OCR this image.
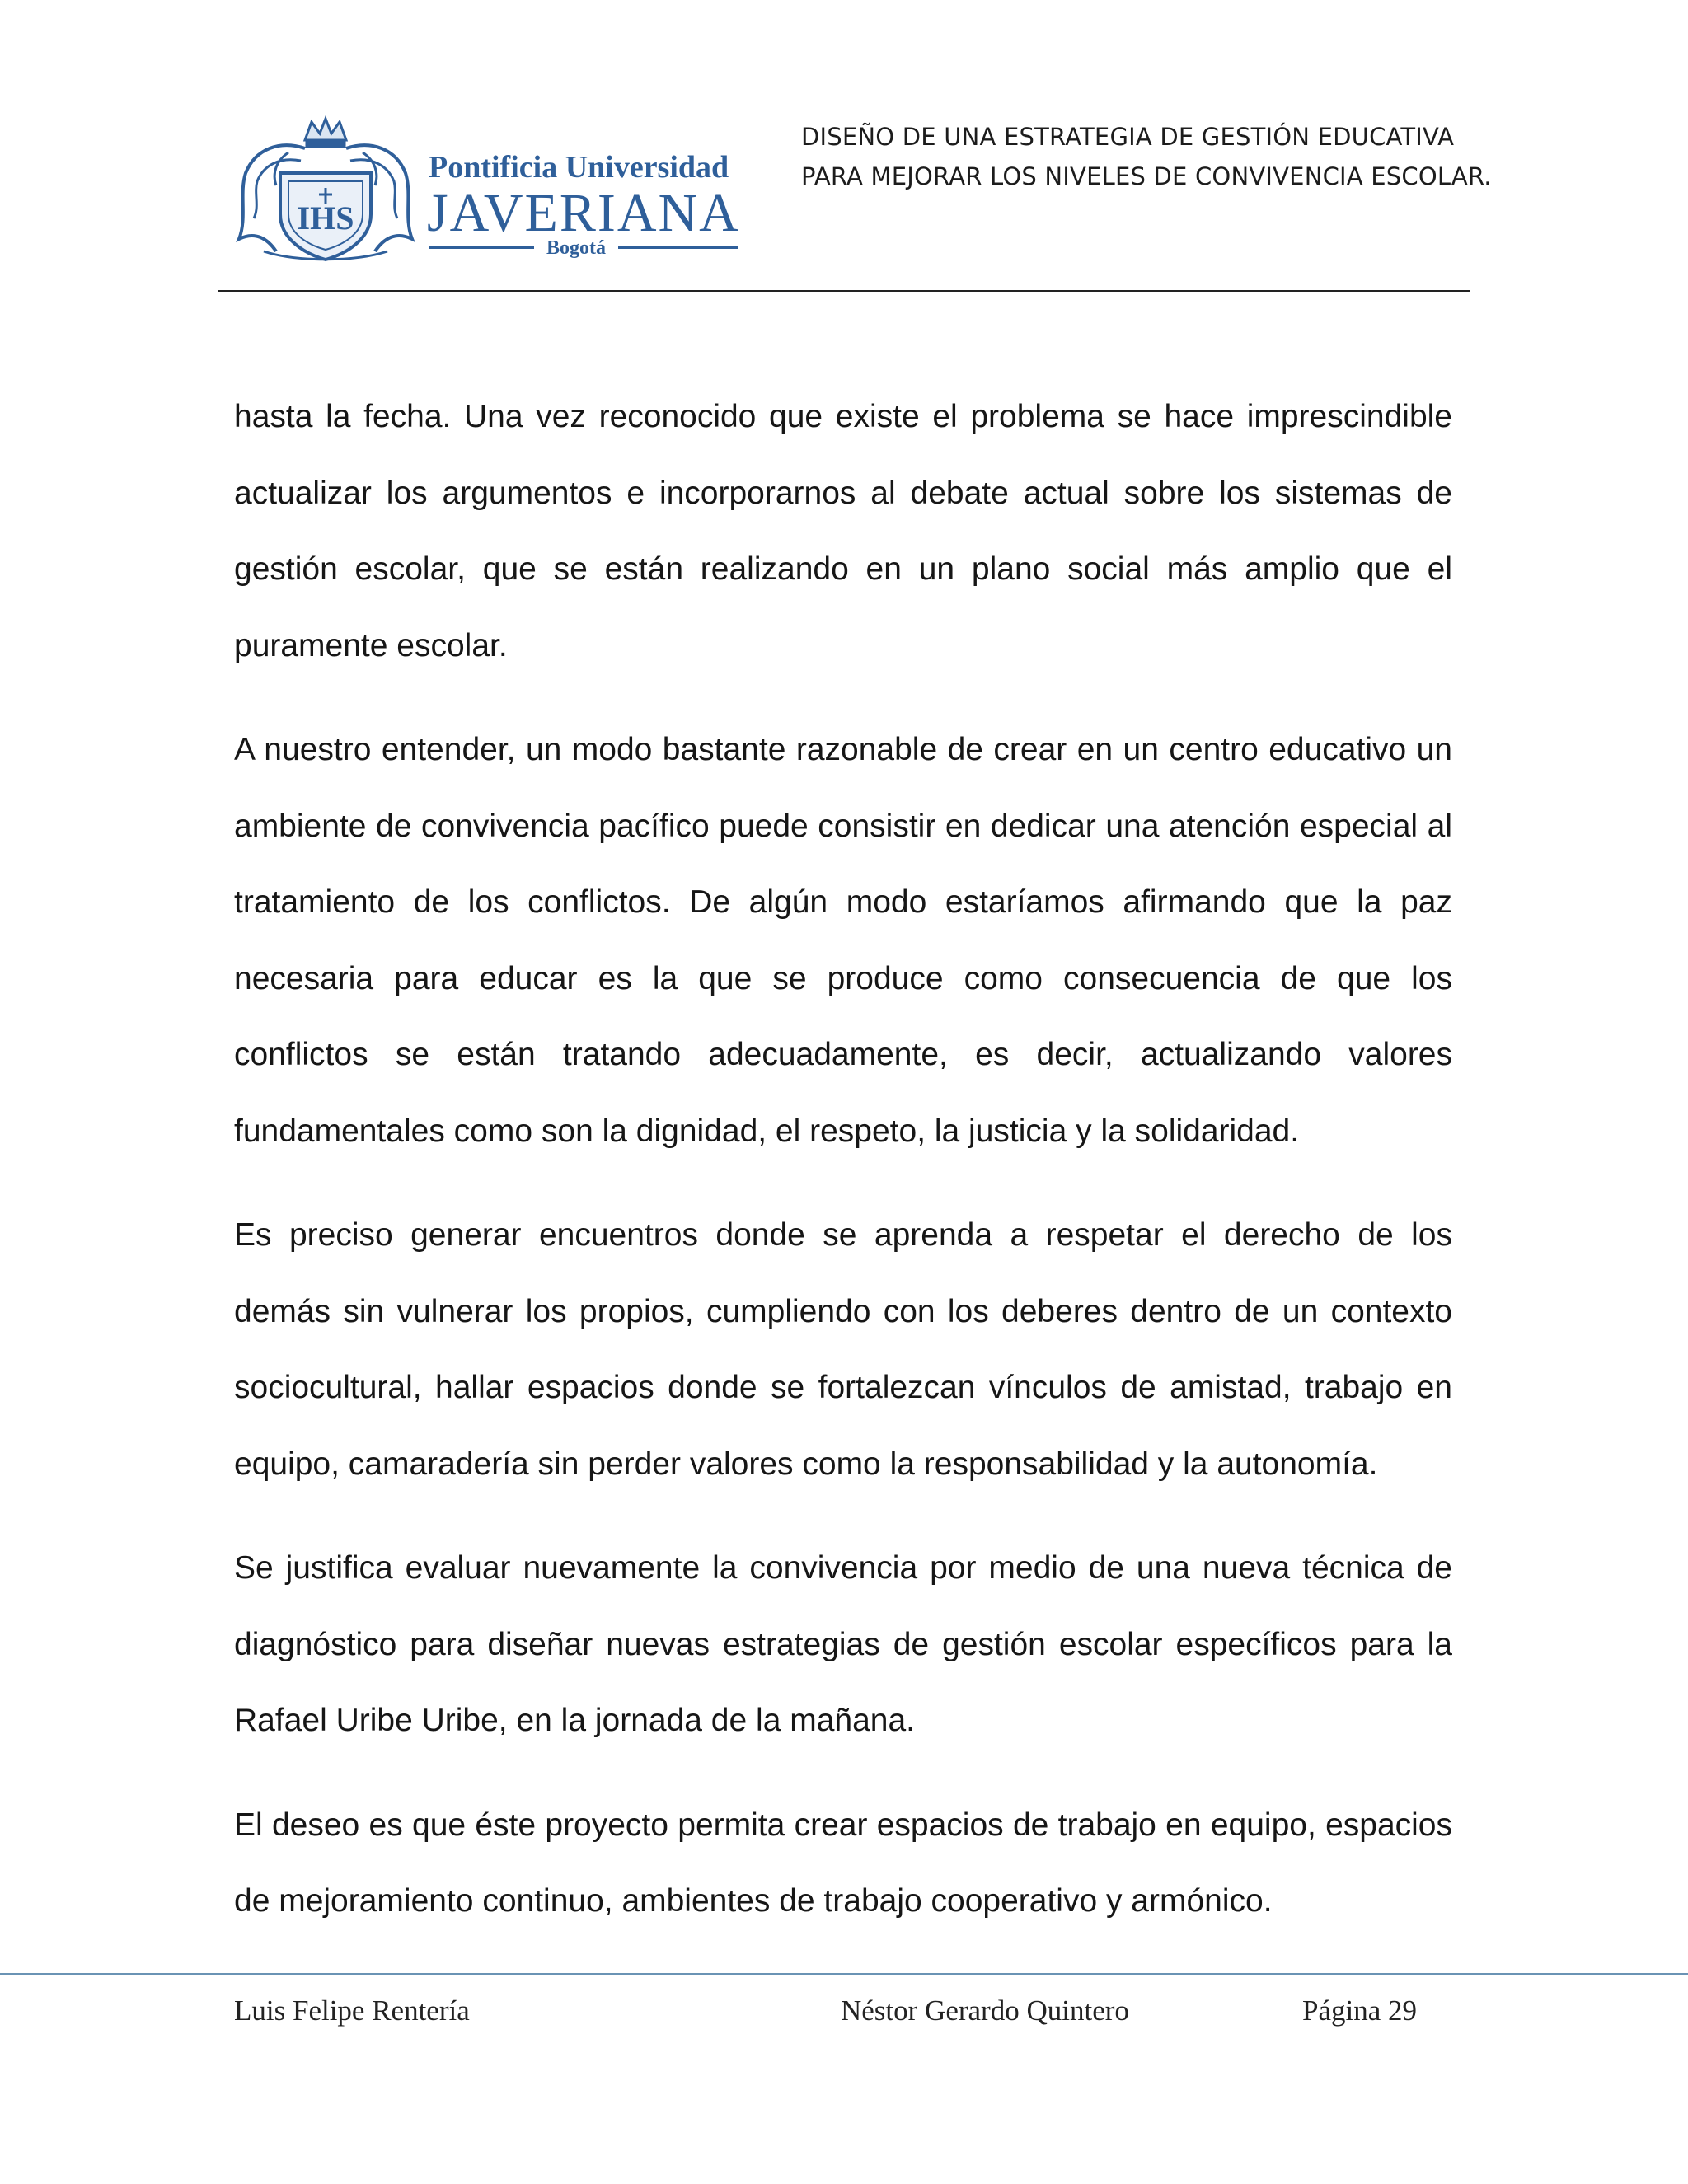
IHS
Pontificia Universidad
JAVERIANA
Bogotá
DISEÑO DE UNA ESTRATEGIA DE GESTIÓN EDUCATIVA
PARA MEJORAR LOS NIVELES DE CONVIVENCIA ESCOLAR.

hasta la fecha. Una vez reconocido que existe el problema se hace imprescindible actualizar los argumentos e incorporarnos al debate actual sobre los sistemas de gestión escolar, que se están realizando en un plano social más amplio que el puramente escolar.

A nuestro entender, un modo bastante razonable de crear en un centro educativo un ambiente de convivencia pacífico puede consistir en dedicar una atención especial al tratamiento de los conflictos. De algún modo estaríamos afirmando que la paz necesaria para educar es la que se produce como consecuencia de que los conflictos se están tratando adecuadamente, es decir, actualizando valores fundamentales como son la dignidad, el respeto, la justicia y la solidaridad.

Es preciso generar encuentros donde se aprenda a respetar el derecho de los demás sin vulnerar los propios, cumpliendo con los deberes dentro de un contexto sociocultural, hallar espacios donde se fortalezcan vínculos de amistad, trabajo en equipo, camaradería sin perder valores como la responsabilidad y la autonomía.

Se justifica evaluar nuevamente la convivencia por medio de una nueva técnica de diagnóstico para diseñar nuevas estrategias de gestión escolar específicos para la Rafael Uribe Uribe, en la jornada de la mañana.

El deseo es que éste proyecto permita crear espacios de trabajo en equipo, espacios de mejoramiento continuo, ambientes de trabajo cooperativo y armónico.

Luis Felipe Rentería	Néstor Gerardo Quintero	Página 29
